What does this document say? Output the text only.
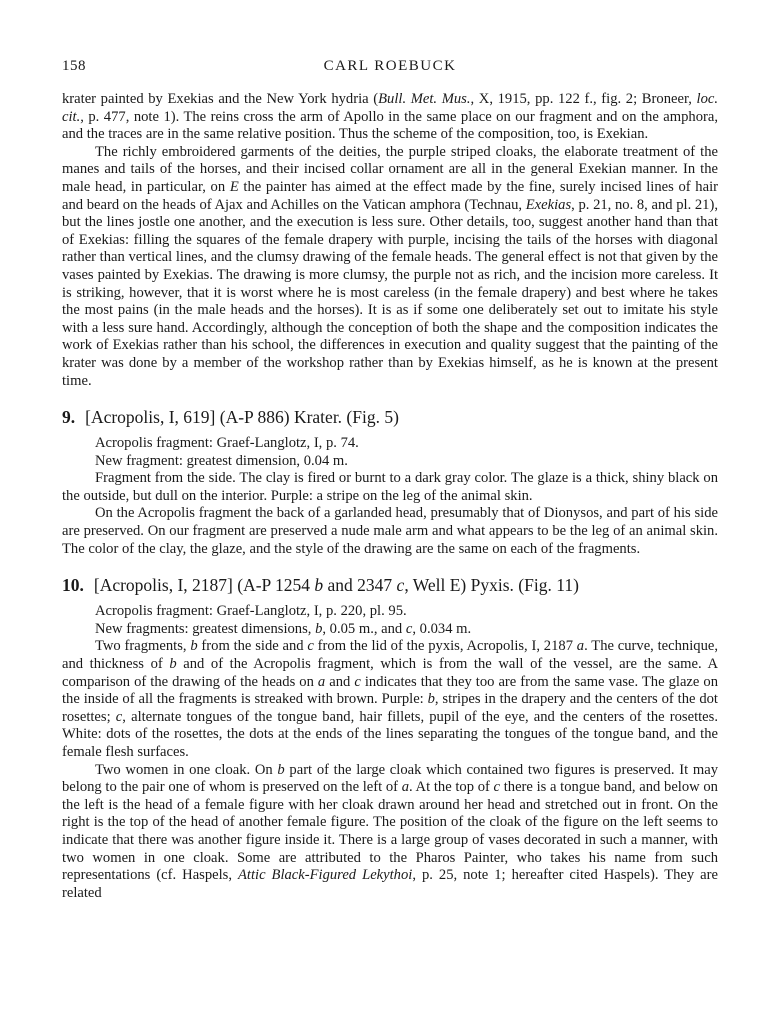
158	CARL ROEBUCK

krater painted by Exekias and the New York hydria (Bull. Met. Mus., X, 1915, pp. 122 f., fig. 2; Broneer, loc. cit., p. 477, note 1). The reins cross the arm of Apollo in the same place on our fragment and on the amphora, and the traces are in the same relative position. Thus the scheme of the composition, too, is Exekian.

The richly embroidered garments of the deities, the purple striped cloaks, the elaborate treatment of the manes and tails of the horses, and their incised collar ornament are all in the general Exekian manner. In the male head, in particular, on E the painter has aimed at the effect made by the fine, surely incised lines of hair and beard on the heads of Ajax and Achilles on the Vatican amphora (Technau, Exekias, p. 21, no. 8, and pl. 21), but the lines jostle one another, and the execution is less sure. Other details, too, suggest another hand than that of Exekias: filling the squares of the female drapery with purple, incising the tails of the horses with diagonal rather than vertical lines, and the clumsy drawing of the female heads. The general effect is not that given by the vases painted by Exekias. The drawing is more clumsy, the purple not as rich, and the incision more careless. It is striking, however, that it is worst where he is most careless (in the female drapery) and best where he takes the most pains (in the male heads and the horses). It is as if some one deliberately set out to imitate his style with a less sure hand. Accordingly, although the conception of both the shape and the composition indicates the work of Exekias rather than his school, the differences in execution and quality suggest that the painting of the krater was done by a member of the workshop rather than by Exekias himself, as he is known at the present time.

9. [Acropolis, I, 619] (A-P 886) Krater. (Fig. 5)

Acropolis fragment: Graef-Langlotz, I, p. 74.

New fragment: greatest dimension, 0.04 m.

Fragment from the side. The clay is fired or burnt to a dark gray color. The glaze is a thick, shiny black on the outside, but dull on the interior. Purple: a stripe on the leg of the animal skin.

On the Acropolis fragment the back of a garlanded head, presumably that of Dionysos, and part of his side are preserved. On our fragment are preserved a nude male arm and what appears to be the leg of an animal skin. The color of the clay, the glaze, and the style of the drawing are the same on each of the fragments.

10. [Acropolis, I, 2187] (A-P 1254 b and 2347 c, Well E) Pyxis. (Fig. 11)

Acropolis fragment: Graef-Langlotz, I, p. 220, pl. 95.

New fragments: greatest dimensions, b, 0.05 m., and c, 0.034 m.

Two fragments, b from the side and c from the lid of the pyxis, Acropolis, I, 2187 a. The curve, technique, and thickness of b and of the Acropolis fragment, which is from the wall of the vessel, are the same. A comparison of the drawing of the heads on a and c indicates that they too are from the same vase. The glaze on the inside of all the fragments is streaked with brown. Purple: b, stripes in the drapery and the centers of the dot rosettes; c, alternate tongues of the tongue band, hair fillets, pupil of the eye, and the centers of the rosettes. White: dots of the rosettes, the dots at the ends of the lines separating the tongues of the tongue band, and the female flesh surfaces.

Two women in one cloak. On b part of the large cloak which contained two figures is preserved. It may belong to the pair one of whom is preserved on the left of a. At the top of c there is a tongue band, and below on the left is the head of a female figure with her cloak drawn around her head and stretched out in front. On the right is the top of the head of another female figure. The position of the cloak of the figure on the left seems to indicate that there was another figure inside it. There is a large group of vases decorated in such a manner, with two women in one cloak. Some are attributed to the Pharos Painter, who takes his name from such representations (cf. Haspels, Attic Black-Figured Lekythoi, p. 25, note 1; hereafter cited Haspels). They are related
